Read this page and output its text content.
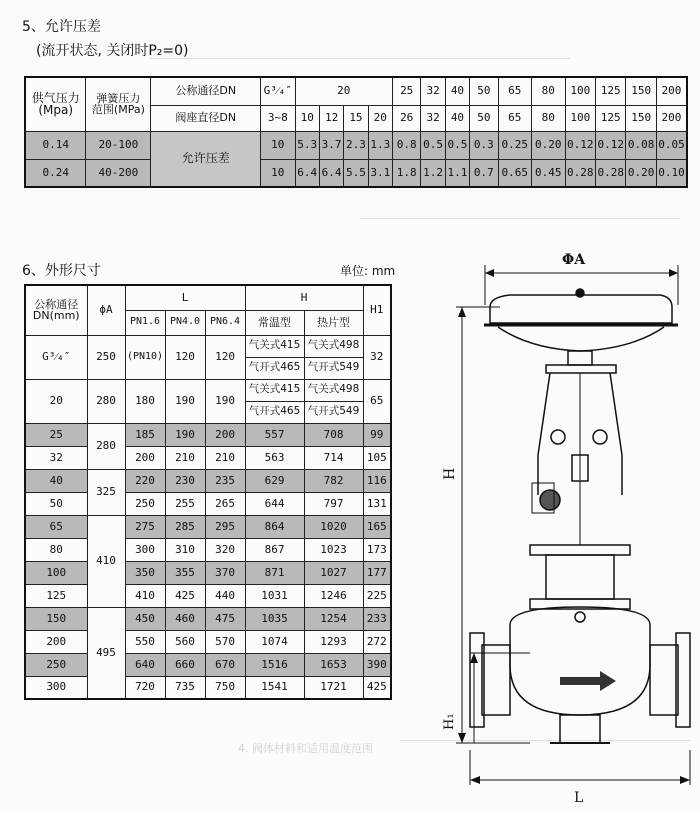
4. 阀体材料和适用温度范围
5、允许压差
(流开状态, 关闭时P₂=0)
供气压力
(Mpa)	弹簧压力
范围(MPa)	公称通径DN	G³⁄₄″	20				25	32	40	50	65	80	100	125	150	200
		阀座直径DN	3~8	10	12	15	20	26	32	40	50	65	80	100	125	150	200
0.14	20-100	允许压差	10	5.3	3.7	2.3	1.3	0.8	0.5	0.5	0.3	0.25	0.20	0.12	0.12	0.08	0.05
0.24	40-200		10	6.4	6.4	5.5	3.1	1.8	1.2	1.1	0.7	0.65	0.45	0.28	0.28	0.20	0.10
6、外形尺寸	单位: mm
公称通径
DN(mm)	ϕA	L			H		H1
		PN1.6	PN4.0	PN6.4	常温型	热片型	
G³⁄₄″	250	(PN10)	120	120	气关式415	气关式498	32
					气开式465	气开式549	
20	280	180	190	190	气关式415	气关式498	65
					气开式465	气开式549	
25	280	185	190	200	557	708	99
32		200	210	210	563	714	105
40	325	220	230	235	629	782	116
50		250	255	265	644	797	131
65	410	275	285	295	864	1020	165
80		300	310	320	867	1023	173
100		350	355	370	871	1027	177
125		410	425	440	1031	1246	225
150	495	450	460	475	1035	1254	233
200		550	560	570	1074	1293	272
250		640	660	670	1516	1653	390
300		720	735	750	1541	1721	425
ΦA
H
H₁
L
